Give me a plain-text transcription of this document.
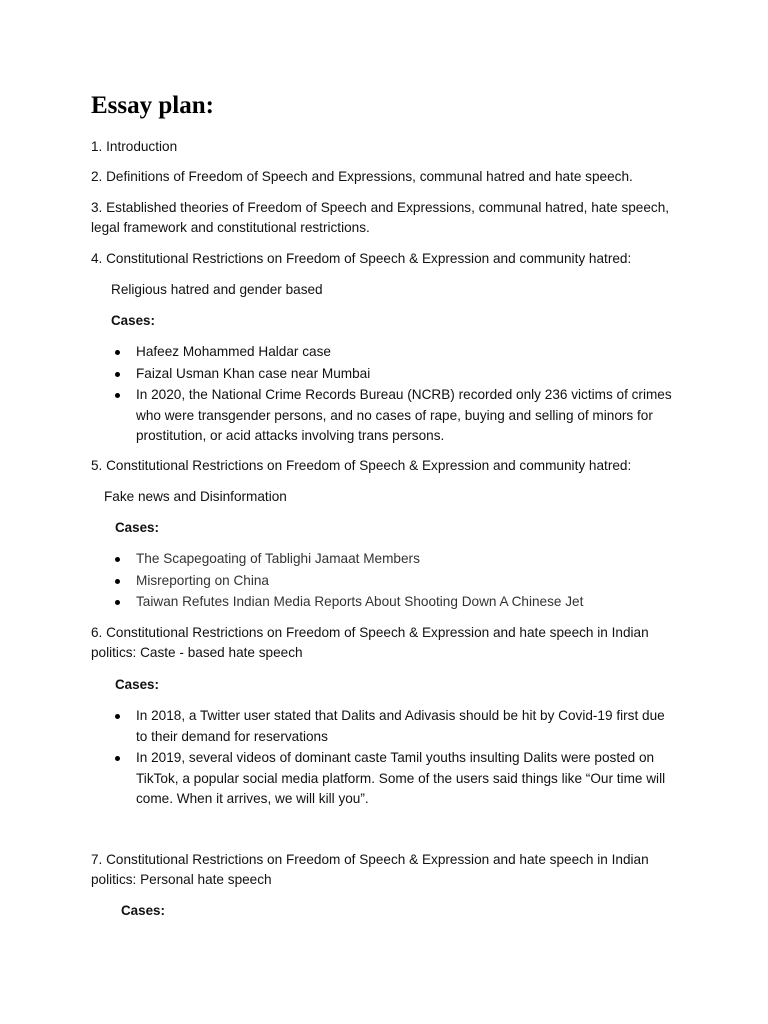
Essay plan:
1. Introduction
2. Definitions of Freedom of Speech and Expressions, communal hatred and hate speech.
3. Established theories of Freedom of Speech and Expressions, communal hatred, hate speech,
legal framework and constitutional restrictions.
4. Constitutional Restrictions on Freedom of Speech & Expression and community hatred:
Religious hatred and gender based
Cases:
Hafeez Mohammed Haldar case
Faizal Usman Khan case near Mumbai
In 2020, the National Crime Records Bureau (NCRB) recorded only 236 victims of crimes who were transgender persons, and no cases of rape, buying and selling of minors for prostitution, or acid attacks involving trans persons.
5. Constitutional Restrictions on Freedom of Speech & Expression and community hatred:
Fake news and Disinformation
Cases:
The Scapegoating of Tablighi Jamaat Members
Misreporting on China
Taiwan Refutes Indian Media Reports About Shooting Down A Chinese Jet
6. Constitutional Restrictions on Freedom of Speech & Expression and hate speech in Indian
politics: Caste - based hate speech
Cases:
In 2018, a Twitter user stated that Dalits and Adivasis should be hit by Covid-19 first due to their demand for reservations
In 2019, several videos of dominant caste Tamil youths insulting Dalits were posted on TikTok, a popular social media platform. Some of the users said things like “Our time will come. When it arrives, we will kill you”.
7. Constitutional Restrictions on Freedom of Speech & Expression and hate speech in Indian
politics: Personal hate speech
Cases:
